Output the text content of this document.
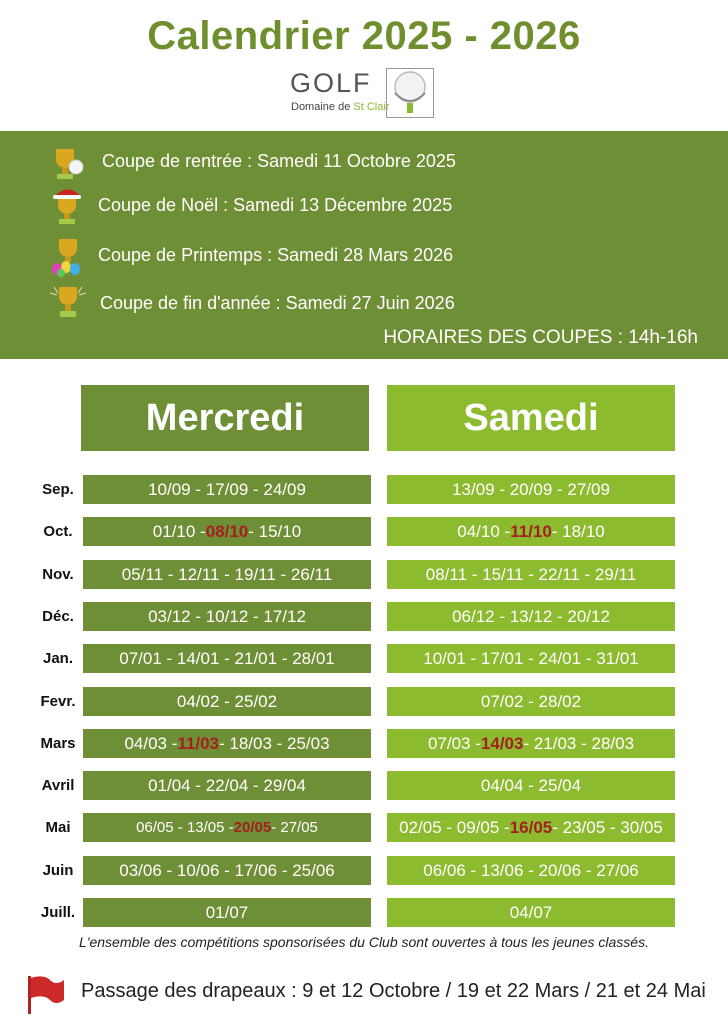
Calendrier 2025 - 2026
GOLF
Domaine de St Clair
Coupe de rentrée : Samedi 11 Octobre 2025
Coupe de Noël : Samedi 13 Décembre 2025
Coupe de Printemps : Samedi 28 Mars 2026
Coupe de fin d'année : Samedi 27 Juin 2026
HORAIRES DES COUPES : 14h-16h
Mercredi	Samedi
Sep.	10/09 - 17/09 - 24/09	13/09 - 20/09 - 27/09
Oct.	01/10 - 08/10 - 15/10	04/10 - 11/10 - 18/10
Nov.	05/11 - 12/11 - 19/11 - 26/11	08/11 - 15/11 - 22/11 - 29/11
Déc.	03/12 - 10/12 - 17/12	06/12 - 13/12 - 20/12
Jan.	07/01 - 14/01 - 21/01 - 28/01	10/01 - 17/01 - 24/01 - 31/01
Fevr.	04/02 - 25/02	07/02 - 28/02
Mars	04/03 - 11/03 - 18/03 - 25/03	07/03 - 14/03 - 21/03 - 28/03
Avril	01/04 - 22/04 - 29/04	04/04 - 25/04
Mai	06/05 - 13/05 - 20/05 - 27/05	02/05 - 09/05 - 16/05 - 23/05 - 30/05
Juin	03/06 - 10/06 - 17/06 - 25/06	06/06 - 13/06 - 20/06 - 27/06
Juill.	01/07	04/07
L'ensemble des compétitions sponsorisées du Club sont ouvertes à tous les jeunes classés.
Passage des drapeaux : 9 et 12 Octobre / 19 et 22 Mars / 21 et 24 Mai
